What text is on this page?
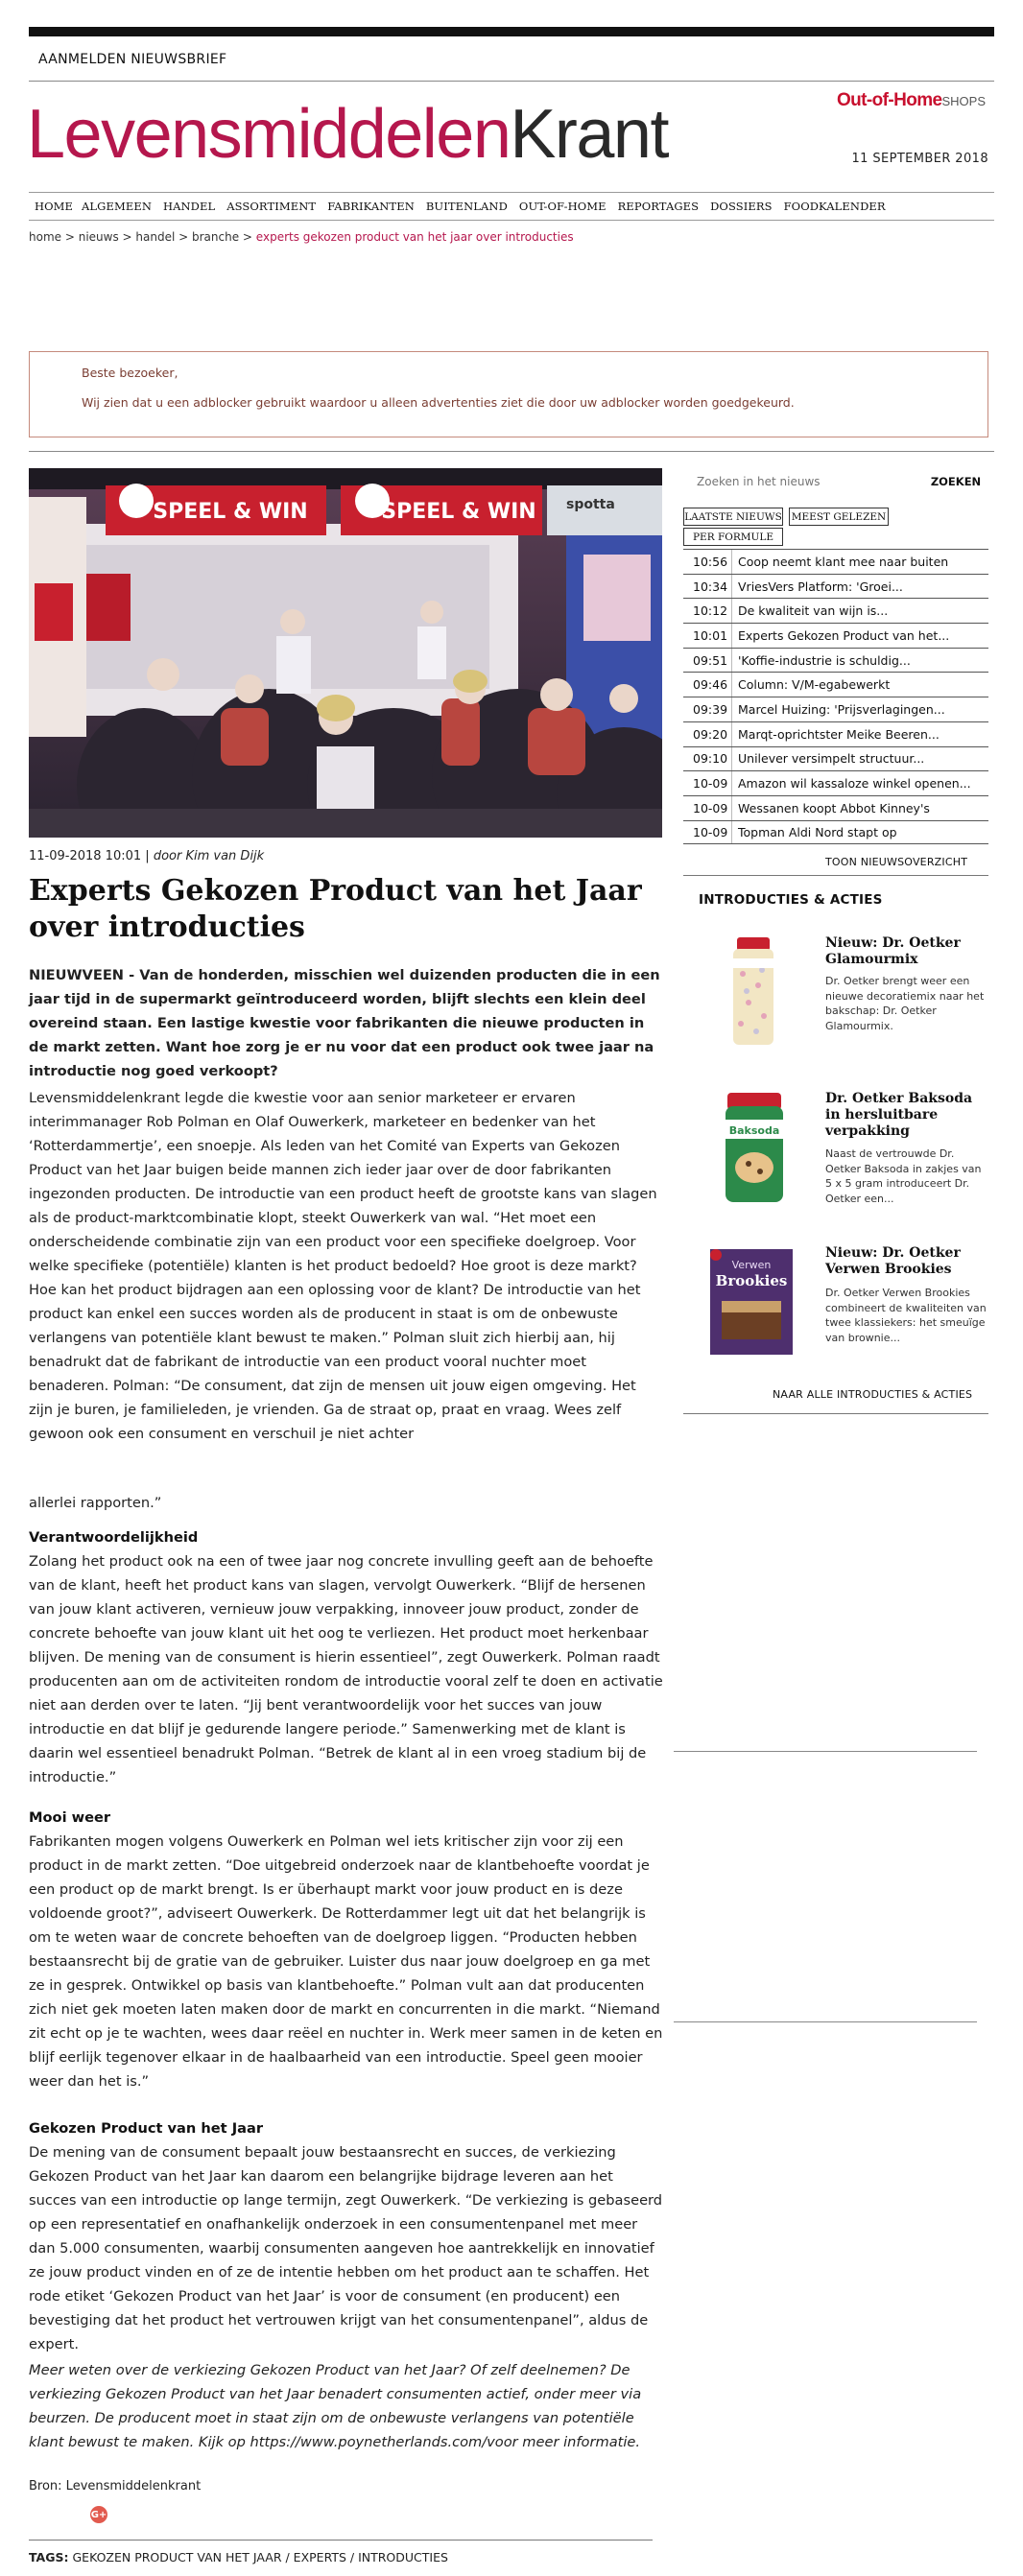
AANMELDEN NIEUWSBRIEF
LevensmiddelenKrant	Out-of-HomeSHOPS
11 SEPTEMBER 2018
HOME ALGEMEEN HANDEL ASSORTIMENT FABRIKANTEN BUITENLAND OUT-OF-HOME REPORTAGES DOSSIERS FOODKALENDER
home > nieuws > handel > branche > experts gekozen product van het jaar over introducties

Beste bezoeker,

Wij zien dat u een adblocker gebruikt waardoor u alleen advertenties ziet die door uw adblocker worden goedgekeurd.

SPEEL & WIN	SPEEL & WIN spotta
11-09-2018 10:01 | door Kim van Dijk
Experts Gekozen Product van het Jaar over introducties

NIEUWVEEN - Van de honderden, misschien wel duizenden producten die in een jaar tijd in de supermarkt geïntroduceerd worden, blijft slechts een klein deel overeind staan. Een lastige kwestie voor fabrikanten die nieuwe producten in de markt zetten. Want hoe zorg je er nu voor dat een product ook twee jaar na introductie nog goed verkoopt?

Levensmiddelenkrant legde die kwestie voor aan senior marketeer er ervaren interimmanager Rob Polman en Olaf Ouwerkerk, marketeer en bedenker van het ‘Rotterdammertje’, een snoepje. Als leden van het Comité van Experts van Gekozen Product van het Jaar buigen beide mannen zich ieder jaar over de door fabrikanten ingezonden producten. De introductie van een product heeft de grootste kans van slagen als de product-marktcombinatie klopt, steekt Ouwerkerk van wal. “Het moet een onderscheidende combinatie zijn van een product voor een specifieke doelgroep. Voor welke specifieke (potentiële) klanten is het product bedoeld? Hoe groot is deze markt? Hoe kan het product bijdragen aan een oplossing voor de klant? De introductie van het product kan enkel een succes worden als de producent in staat is om de onbewuste verlangens van potentiële klant bewust te maken.” Polman sluit zich hierbij aan, hij benadrukt dat de fabrikant de introductie van een product vooral nuchter moet benaderen. Polman: “De consument, dat zijn de mensen uit jouw eigen omgeving. Het zijn je buren, je familieleden, je vrienden. Ga de straat op, praat en vraag. Wees zelf gewoon ook een consument en verschuil je niet achter

allerlei rapporten.”

Verantwoordelijkheid

Zolang het product ook na een of twee jaar nog concrete invulling geeft aan de behoefte van de klant, heeft het product kans van slagen, vervolgt Ouwerkerk. “Blijf de hersenen van jouw klant activeren, vernieuw jouw verpakking, innoveer jouw product, zonder de concrete behoefte van jouw klant uit het oog te verliezen. Het product moet herkenbaar blijven. De mening van de consument is hierin essentieel”, zegt Ouwerkerk. Polman raadt producenten aan om de activiteiten rondom de introductie vooral zelf te doen en activatie niet aan derden over te laten. “Jij bent verantwoordelijk voor het succes van jouw introductie en dat blijf je gedurende langere periode.” Samenwerking met de klant is daarin wel essentieel benadrukt Polman. “Betrek de klant al in een vroeg stadium bij de introductie.”

Mooi weer

Fabrikanten mogen volgens Ouwerkerk en Polman wel iets kritischer zijn voor zij een product in de markt zetten. “Doe uitgebreid onderzoek naar de klantbehoefte voordat je een product op de markt brengt. Is er überhaupt markt voor jouw product en is deze voldoende groot?”, adviseert Ouwerkerk. De Rotterdammer legt uit dat het belangrijk is om te weten waar de concrete behoeften van de doelgroep liggen. “Producten hebben bestaansrecht bij de gratie van de gebruiker. Luister dus naar jouw doelgroep en ga met ze in gesprek. Ontwikkel op basis van klantbehoefte.” Polman vult aan dat producenten zich niet gek moeten laten maken door de markt en concurrenten in die markt. “Niemand zit echt op je te wachten, wees daar reëel en nuchter in. Werk meer samen in de keten en blijf eerlijk tegenover elkaar in de haalbaarheid van een introductie. Speel geen mooier weer dan het is.”

Gekozen Product van het Jaar

De mening van de consument bepaalt jouw bestaansrecht en succes, de verkiezing Gekozen Product van het Jaar kan daarom een belangrijke bijdrage leveren aan het succes van een introductie op lange termijn, zegt Ouwerkerk. “De verkiezing is gebaseerd op een representatief en onafhankelijk onderzoek in een consumentenpanel met meer dan 5.000 consumenten, waarbij consumenten aangeven hoe aantrekkelijk en innovatief ze jouw product vinden en of ze de intentie hebben om het product aan te schaffen. Het rode etiket ‘Gekozen Product van het Jaar’ is voor de consument (en producent) een bevestiging dat het product het vertrouwen krijgt van het consumentenpanel”, aldus de expert.

Meer weten over de verkiezing Gekozen Product van het Jaar? Of zelf deelnemen? De verkiezing Gekozen Product van het Jaar benadert consumenten actief, onder meer via beurzen. De producent moet in staat zijn om de onbewuste verlangens van potentiële klant bewust te maken. Kijk op https://www.poynetherlands.com/voor meer informatie.

Bron: Levensmiddelenkrant
G+
TAGS: GEKOZEN PRODUCT VAN HET JAAR / EXPERTS / INTRODUCTIES
Zoeken in het nieuws
ZOEKEN
LAATSTE NIEUWS MEEST GELEZEN
PER FORMULE
10:56 Coop neemt klant mee naar buiten
10:34 VriesVers Platform: 'Groei...
10:12 De kwaliteit van wijn is...
10:01 Experts Gekozen Product van het...
09:51 'Koffie-industrie is schuldig...
09:46 Column: V/M-egabewerkt
09:39 Marcel Huizing: 'Prijsverlagingen...
09:20 Marqt-oprichtster Meike Beeren...
09:10 Unilever versimpelt structuur...
10-09 Amazon wil kassaloze winkel openen...
10-09 Wessanen koopt Abbot Kinney's
10-09 Topman Aldi Nord stapt op
TOON NIEUWSOVERZICHT
INTRODUCTIES & ACTIES
Nieuw: Dr. Oetker Glamourmix

Dr. Oetker brengt weer een nieuwe decoratiemix naar het bakschap: Dr. Oetker Glamourmix.

Baksoda
Dr. Oetker Baksoda in hersluitbare verpakking

Naast de vertrouwde Dr. Oetker Baksoda in zakjes van 5 x 5 gram introduceert Dr. Oetker een...

Verwen
Brookies
Nieuw: Dr. Oetker Verwen Brookies

Dr. Oetker Verwen Brookies combineert de kwaliteiten van twee klassiekers: het smeuïge van brownie...

NAAR ALLE INTRODUCTIES & ACTIES
